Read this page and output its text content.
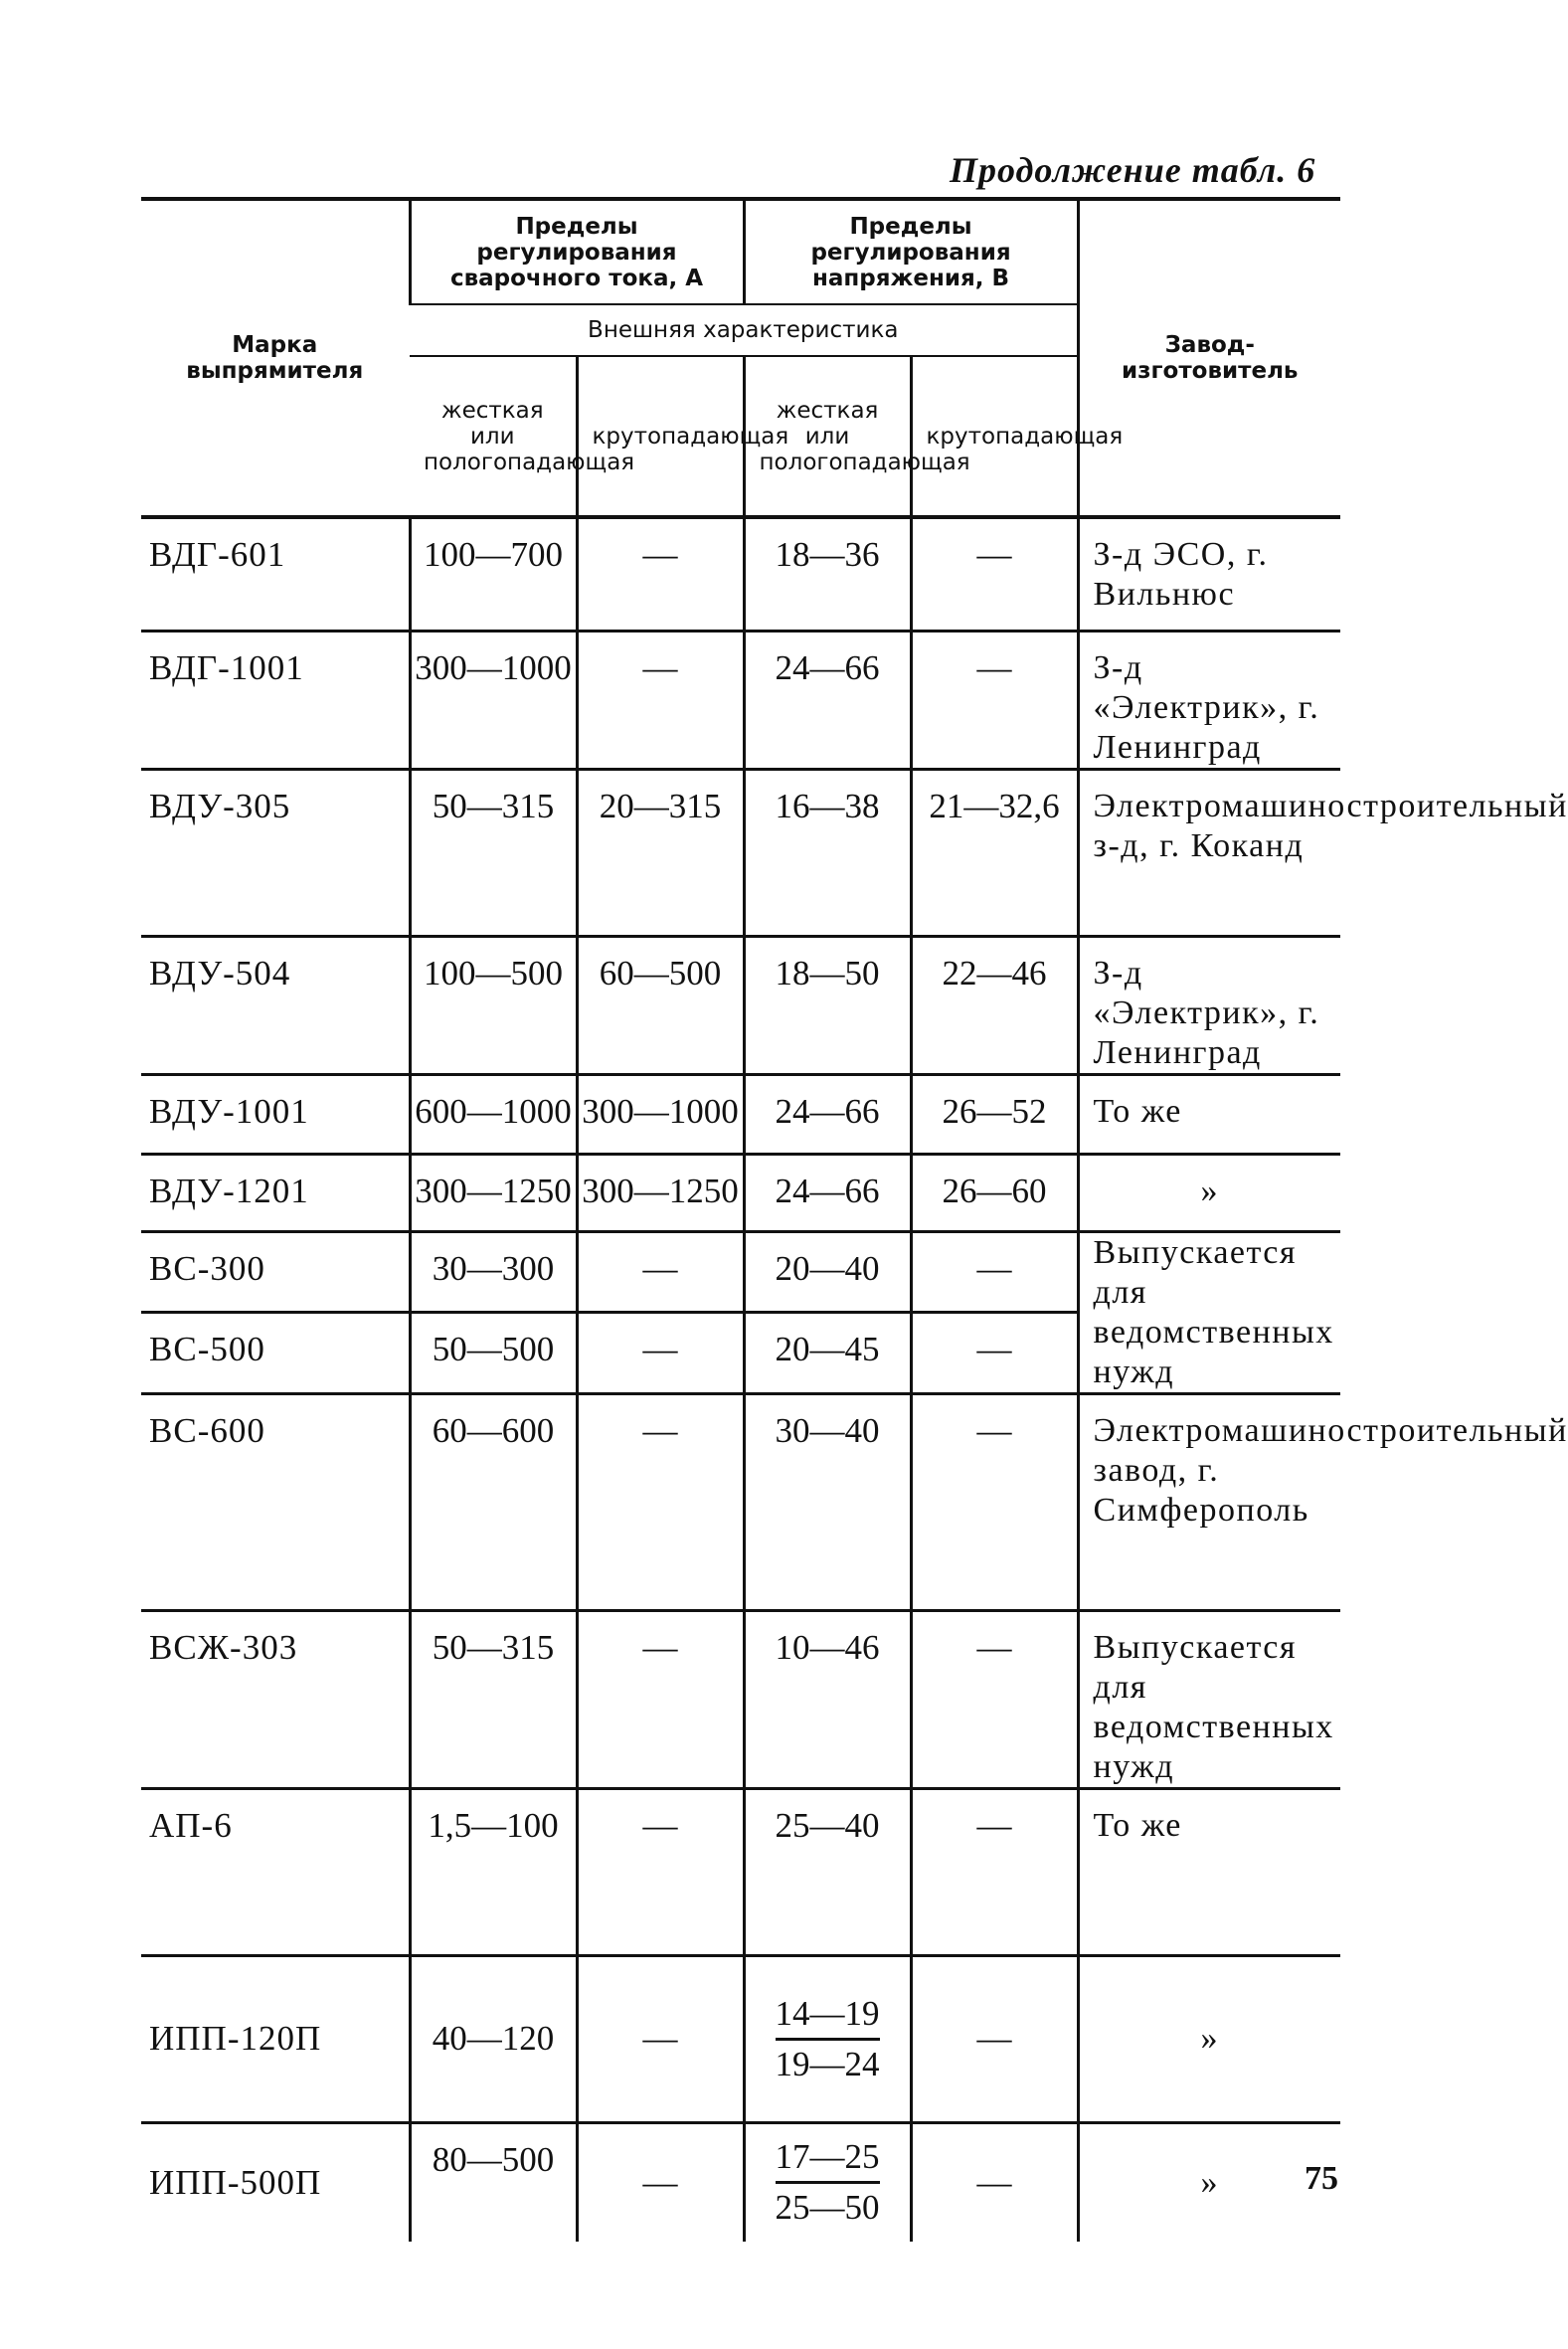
Продолжение табл. 6
Марка выпрямителя	Пределы регулирования сварочного тока, А		Пределы регулирования напряжения, В		Завод-изготовитель
	Внешняя характеристика				
	жесткая или пологопадающая	крутопадающая	жесткая или пологопадающая	крутопадающая	
ВДГ-601	100—700	—	18—36	—	З-д ЭСО, г. Вильнюс
ВДГ-1001	300—1000	—	24—66	—	З-д «Электрик», г. Ленинград
ВДУ-305	50—315	20—315	16—38	21—32,6	Электромашиностроительный з-д, г. Коканд
ВДУ-504	100—500	60—500	18—50	22—46	З-д «Электрик», г. Ленинград
ВДУ-1001	600—1000	300—1000	24—66	26—52	То же
ВДУ-1201	300—1250	300—1250	24—66	26—60	»
ВС-300	30—300	—	20—40	—	Выпускается для ведомственных нужд
ВС-500	50—500	—	20—45	—	
ВС-600	60—600	—	30—40	—	Электромашиностроительный завод, г. Симферополь
ВСЖ-303	50—315	—	10—46	—	Выпускается для ведомственных нужд
АП-6	1,5—100	—	25—40	—	То же
ИПП-120П	40—120	—	$\frac{14—19}{19—24}$	—	»
ИПП-500П	80—500	—	$\frac{17—25}{25—50}$	—	»	75
